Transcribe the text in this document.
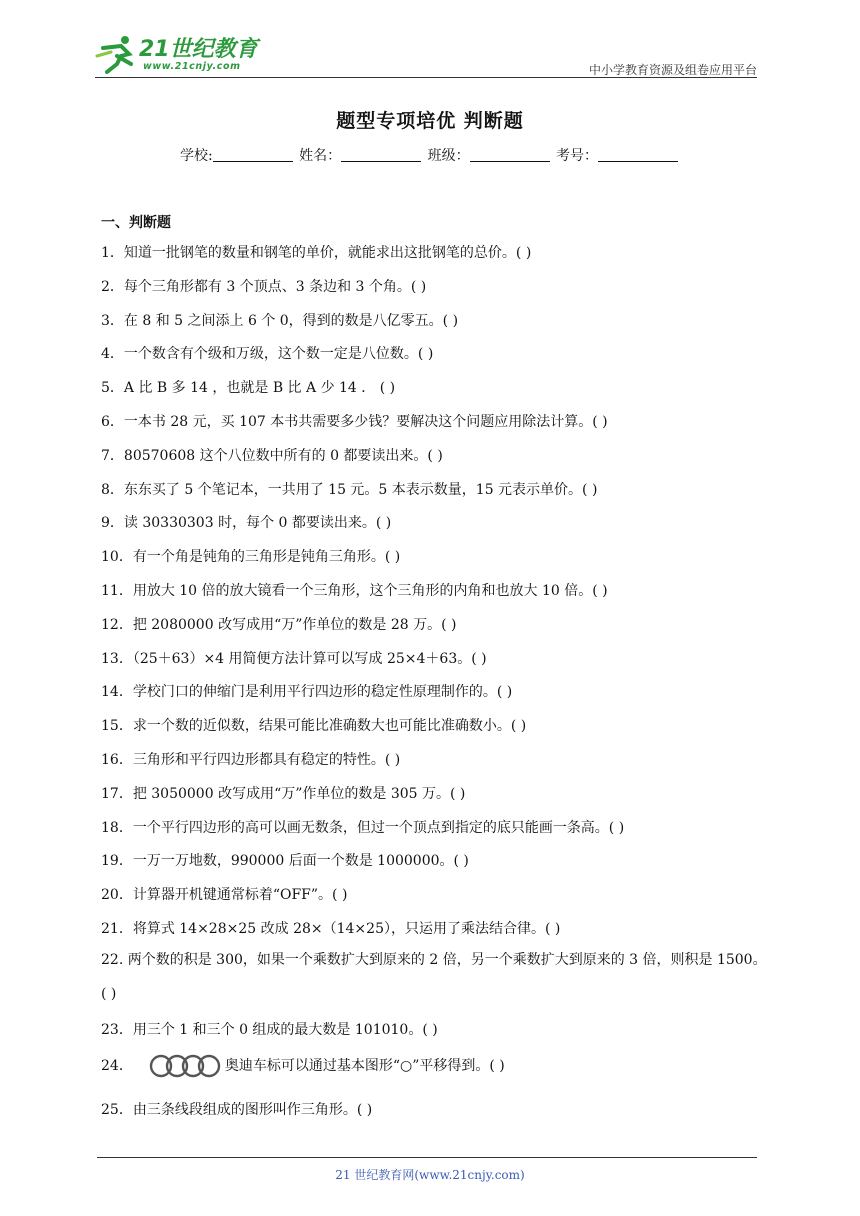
21世纪教育
www.21cnjy.com	中小学教育资源及组卷应用平台
题型专项培优 判断题
学校:	姓名：	班级：	考号：
一、判断题
1．知道一批钢笔的数量和钢笔的单价，就能求出这批钢笔的总价。( )
2．每个三角形都有 3 个顶点、3 条边和 3 个角。( )
3．在 8 和 5 之间添上 6 个 0，得到的数是八亿零五。( )
4．一个数含有个级和万级，这个数一定是八位数。( )
5．A 比 B 多 14 ，也就是 B 比 A 少 14 ． ( )
6．一本书 28 元，买 107 本书共需要多少钱？要解决这个问题应用除法计算。( )
7．80570608 这个八位数中所有的 0 都要读出来。( )
8．东东买了 5 个笔记本，一共用了 15 元。5 本表示数量，15 元表示单价。( )
9．读 30330303 时，每个 0 都要读出来。( )
10．有一个角是钝角的三角形是钝角三角形。( )
11．用放大 10 倍的放大镜看一个三角形，这个三角形的内角和也放大 10 倍。( )
12．把 2080000 改写成用“万”作单位的数是 28 万。( )
13．（25＋63）×4 用简便方法计算可以写成 25×4＋63。( )
14．学校门口的伸缩门是利用平行四边形的稳定性原理制作的。( )
15．求一个数的近似数，结果可能比准确数大也可能比准确数小。( )
16．三角形和平行四边形都具有稳定的特性。( )
17．把 3050000 改写成用“万”作单位的数是 305 万。( )
18．一个平行四边形的高可以画无数条，但过一个顶点到指定的底只能画一条高。( )
19．一万一万地数，990000 后面一个数是 1000000。( )
20．计算器开机键通常标着“OFF”。( )
21．将算式 14×28×25 改成 28×（14×25），只运用了乘法结合律。( )
22. 两个数的积是 300，如果一个乘数扩大到原来的 2 倍，另一个乘数扩大到原来的 3 倍，则积是 1500。( )
23．用三个 1 和三个 0 组成的最大数是 101010。( )
24．	奥迪车标可以通过基本图形“○”平移得到。( )
25．由三条线段组成的图形叫作三角形。( )
21 世纪教育网(www.21cnjy.com)
